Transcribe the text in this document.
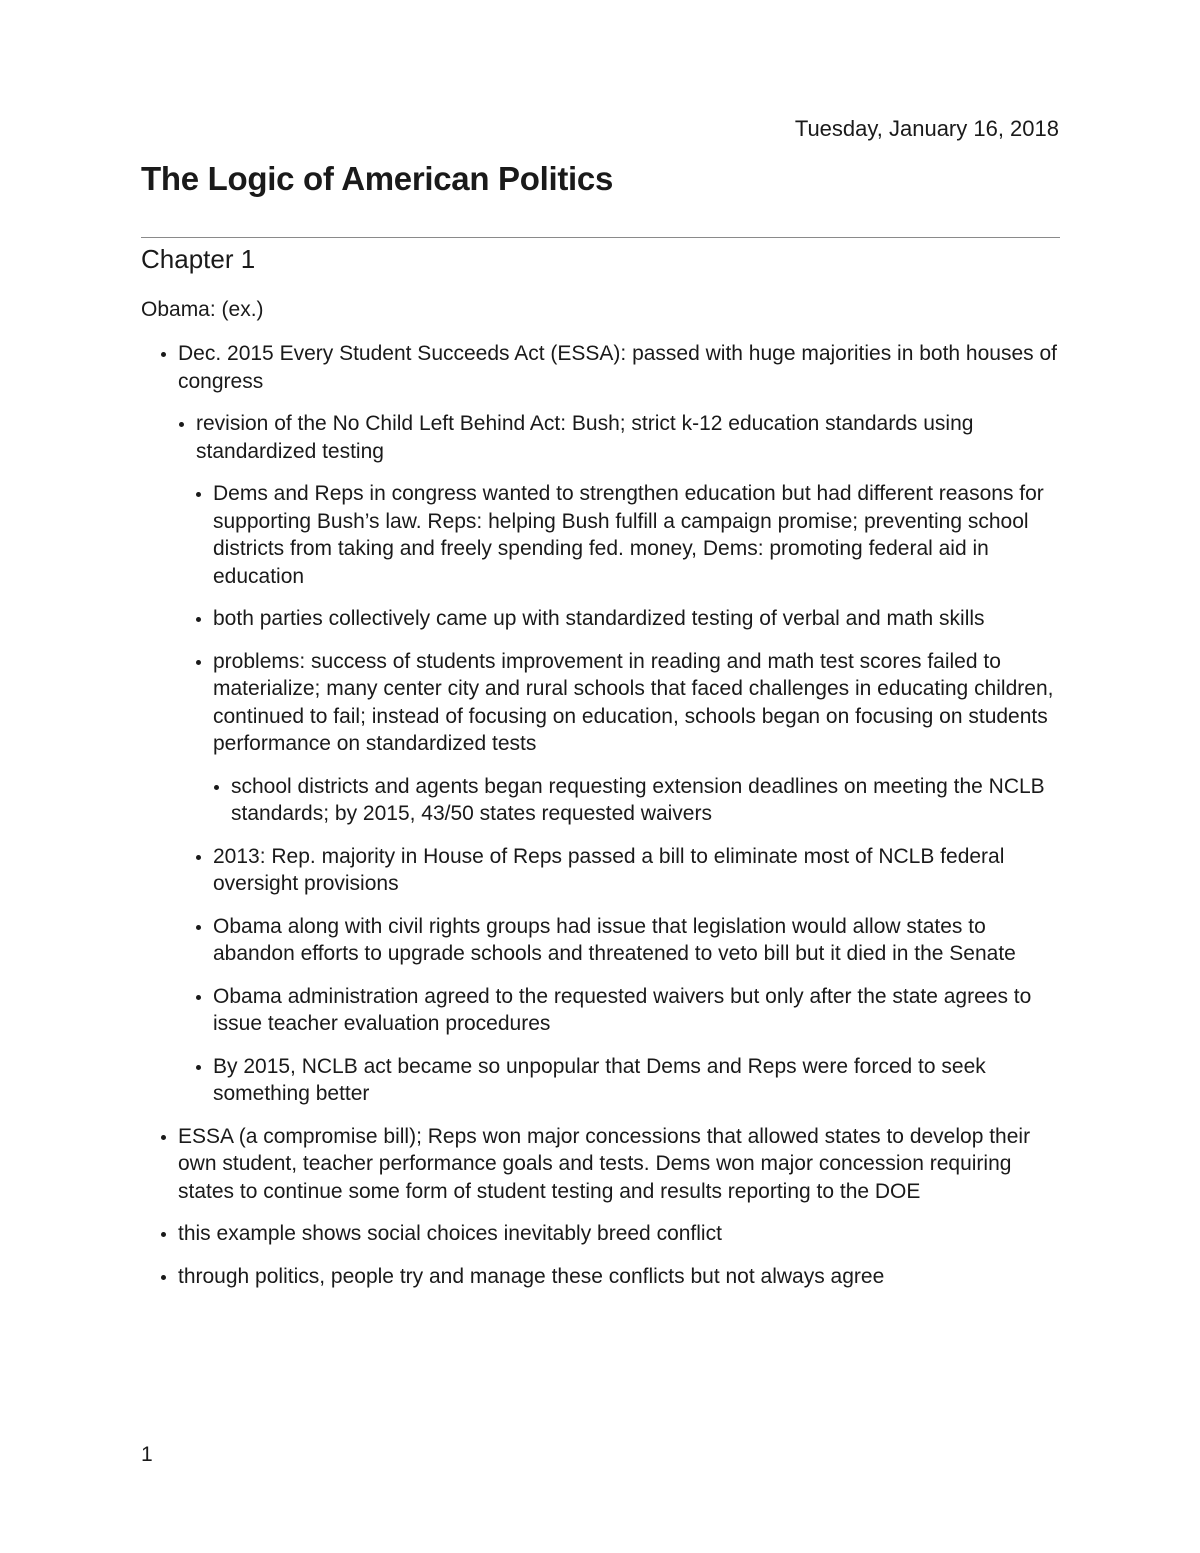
Tuesday, January 16, 2018
The Logic of American Politics
Chapter 1
Obama: (ex.)
Dec. 2015 Every Student Succeeds Act (ESSA): passed with huge majorities in both houses of congress
revision of the No Child Left Behind Act: Bush; strict k-12 education standards using standardized testing
Dems and Reps in congress wanted to strengthen education but had different reasons for supporting Bush’s law. Reps: helping Bush fulfill a campaign promise; preventing school districts from taking and freely spending fed. money, Dems: promoting federal aid in education
both parties collectively came up with standardized testing of verbal and math skills
problems: success of students improvement in reading and math test scores failed to materialize; many center city and rural schools that faced challenges in educating children, continued to fail; instead of focusing on education, schools began on focusing on students performance on standardized tests
school districts and agents began requesting extension deadlines on meeting the NCLB standards; by 2015, 43/50 states requested waivers
2013: Rep. majority in House of Reps passed a bill to eliminate most of NCLB federal oversight provisions
Obama along with civil rights groups had issue that legislation would allow states to abandon efforts to upgrade schools and threatened to veto bill but it died in the Senate
Obama administration agreed to the requested waivers but only after the state agrees to issue teacher evaluation procedures
By 2015, NCLB act became so unpopular that Dems and Reps were forced to seek something better
ESSA (a compromise bill); Reps won major concessions that allowed states to develop their own student, teacher performance goals and tests. Dems won major concession requiring states to continue some form of student testing and results reporting to the DOE
this example shows social choices inevitably breed conflict
through politics, people try and manage these conflicts but not always agree
1
